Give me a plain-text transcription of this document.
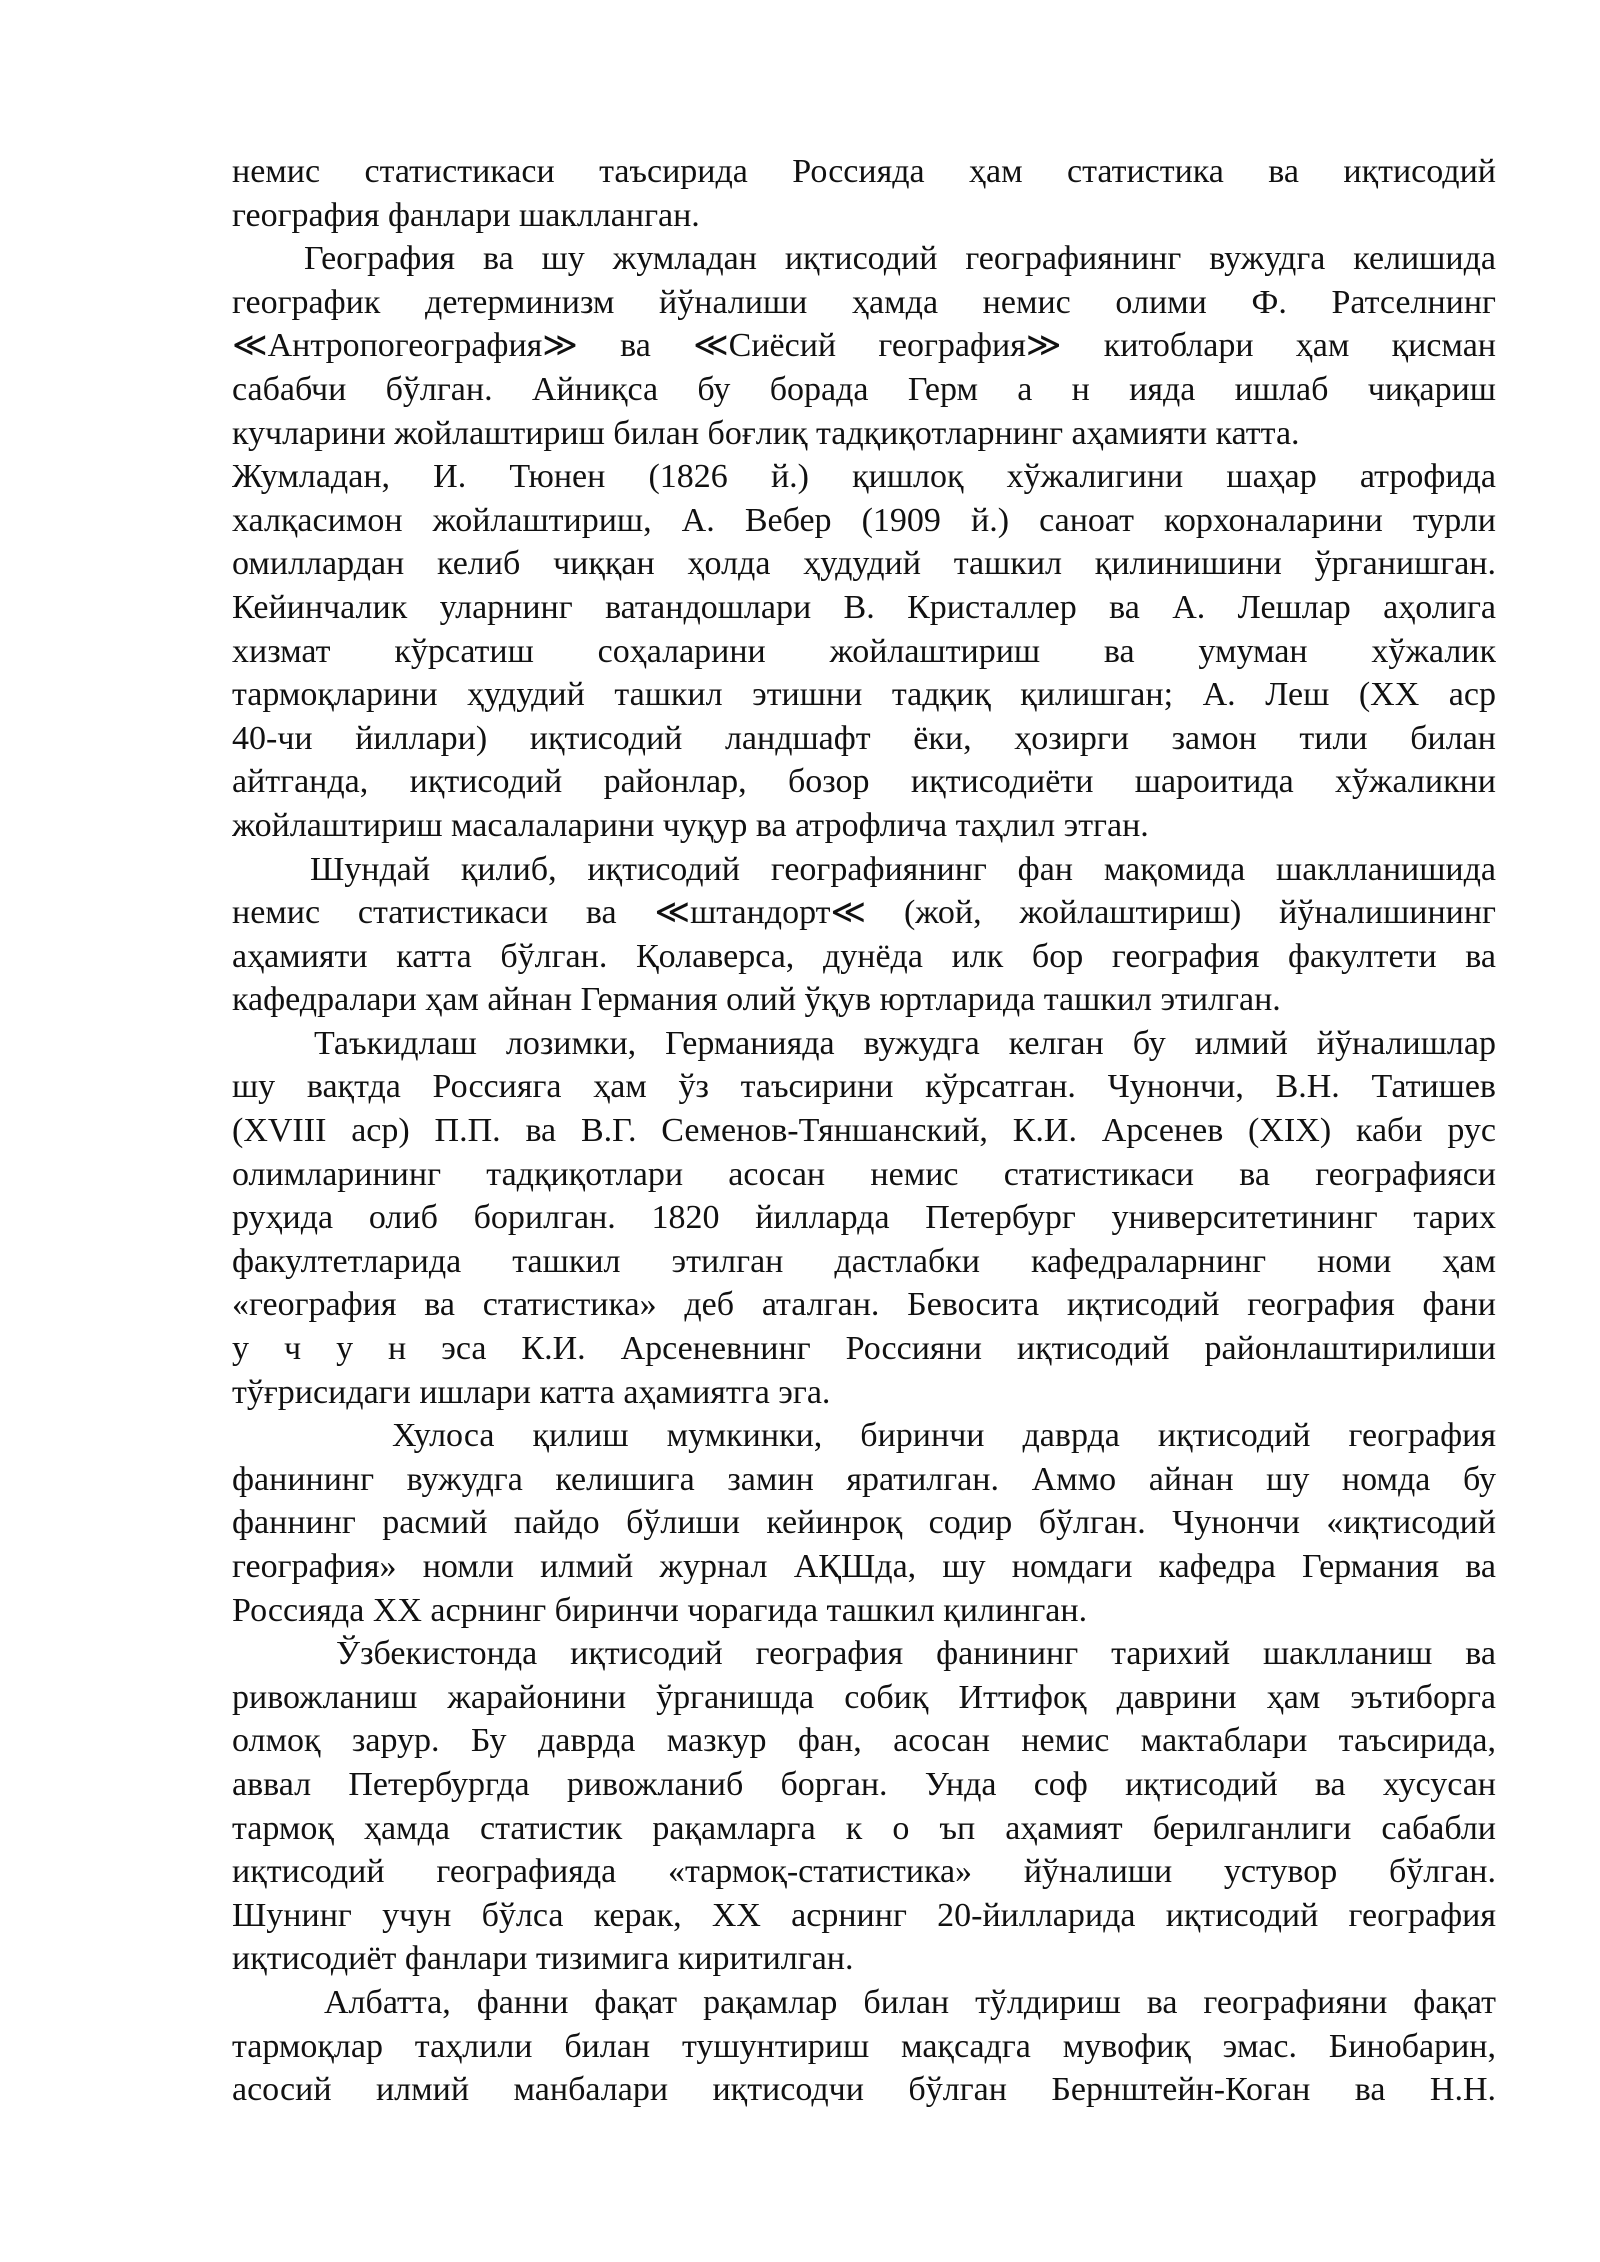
немис статистикаси таъсирида Россияда ҳам статистика ва иқтисодий
география фанлари шаклланган.
География ва шу жумладан иқтисодий географиянинг вужудга келишида
географик детерминизм йўналиши ҳамда немис олими Ф. Ратселнинг
≪Антропогеография≫ ва ≪Сиёсий география≫ китоблари ҳам қисман
сабабчи бўлган. Айниқса бу борада Герм а н ияда ишлаб чиқариш
кучларини жойлаштириш билан боғлиқ тадқиқотларнинг аҳамияти катта.
Жумладан, И. Тюнен (1826 й.) қишлоқ хўжалигини шаҳар атрофида
халқасимон жойлаштириш, А. Вебер (1909 й.) саноат корхоналарини турли
омиллардан келиб чиққан ҳолда ҳудудий ташкил қилинишини ўрганишган.
Кейинчалик уларнинг ватандошлари В. Кристаллер ва А. Лешлар аҳолига
хизмат кўрсатиш соҳаларини жойлаштириш ва умуман хўжалик
тармоқларини ҳудудий ташкил этишни тадқиқ қилишган; А. Леш (XX аср
40-чи йиллари) иқтисодий ландшафт ёки, ҳозирги замон тили билан
айтганда, иқтисодий районлар, бозор иқтисодиёти шароитида хўжаликни
жойлаштириш масалаларини чуқур ва атрофлича таҳлил этган.
Шундай қилиб, иқтисодий географиянинг фан мақомида шаклланишида
немис статистикаси ва ≪штандорт≪ (жой, жойлаштириш) йўналишининг
аҳамияти катта бўлган. Қолаверса, дунёда илк бор география факултети ва
кафедралари ҳам айнан Германия олий ўқув юртларида ташкил этилган.
Таъкидлаш лозимки, Германияда вужудга келган бу илмий йўналишлар
шу вақтда Россияга ҳам ўз таъсирини кўрсатган. Чунончи, В.Н. Татишев
(XVIII аср) П.П. ва В.Г. Семенов-Тяншанский, К.И. Арсенев (XIX) каби рус
олимларининг тадқиқотлари асосан немис статистикаси ва географияси
руҳида олиб борилган. 1820 йилларда Петербург университетининг тарих
факултетларида ташкил этилган дастлабки кафедраларнинг номи ҳам
«география ва статистика» деб аталган. Бевосита иқтисодий география фани
у ч у н эса К.И. Арсеневнинг Россияни иқтисодий районлаштирилиши
тўғрисидаги ишлари катта аҳамиятга эга.
Хулоса қилиш мумкинки, биринчи даврда иқтисодий география
фанининг вужудга келишига замин яратилган. Аммо айнан шу номда бу
фаннинг расмий пайдо бўлиши кейинроқ содир бўлган. Чунончи «иқтисодий
география» номли илмий журнал АҚШда, шу номдаги кафедра Германия ва
Россияда XX асрнинг биринчи чорагида ташкил қилинган.
Ўзбекистонда иқтисодий география фанининг тарихий шаклланиш ва
ривожланиш жарайонини ўрганишда собиқ Иттифоқ даврини ҳам эътиборга
олмоқ зарур. Бу даврда мазкур фан, асосан немис мактаблари таъсирида,
аввал Петербургда ривожланиб борган. Унда соф иқтисодий ва хусусан
тармоқ ҳамда статистик рақамларга к о ъп аҳамият берилганлиги сабабли
иқтисодий географияда «тармоқ-статистика» йўналиши устувор бўлган.
Шунинг учун бўлса керак, XX асрнинг 20-йилларида иқтисодий география
иқтисодиёт фанлари тизимига киритилган.
Албатта, фанни фақат рақамлар билан тўлдириш ва географияни фақат
тармоқлар таҳлили билан тушунтириш мақсадга мувофиқ эмас. Бинобарин,
асосий илмий манбалари иқтисодчи бўлган Бернштейн-Коган ва Н.Н.
